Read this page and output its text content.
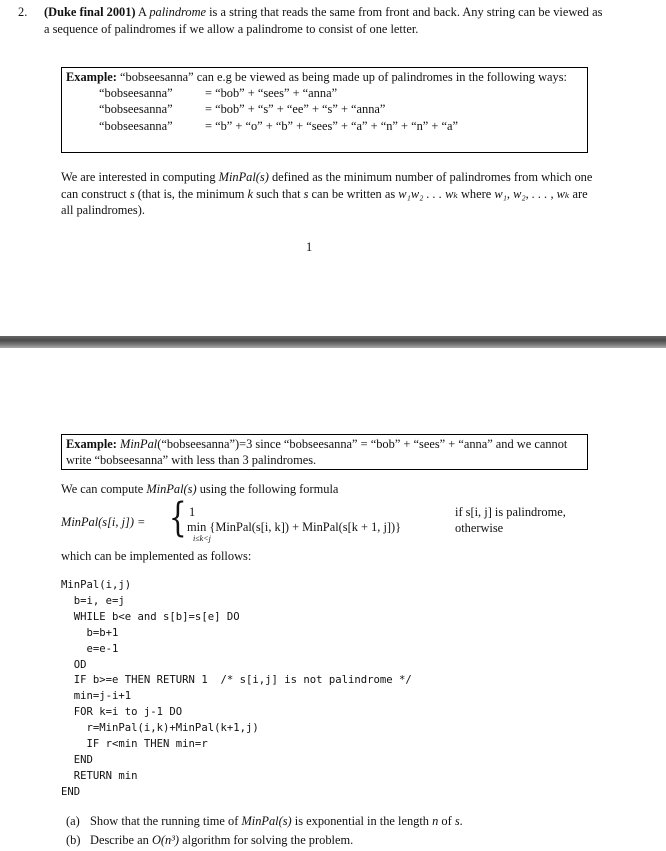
2. (Duke final 2001) A palindrome is a string that reads the same from front and back. Any string can be viewed as a sequence of palindromes if we allow a palindrome to consist of one letter.
Example: “bobseesanna” can e.g be viewed as being made up of palindromes in the following ways:
“bobseesanna”	= “bob” + “sees” + “anna”
“bobseesanna”	= “bob” + “s” + “ee” + “s” + “anna”
“bobseesanna”	= “b” + “o” + “b” + “sees” + “a” + “n” + “n” + “a”
We are interested in computing MinPal(s) defined as the minimum number of palindromes from which one can construct s (that is, the minimum k such that s can be written as w₁w₂ . . . wₖ where w₁, w₂, . . . , wₖ are all palindromes).
1
Example: MinPal(“bobseesanna”)=3 since “bobseesanna” = “bob” + “sees” + “anna” and we cannot write “bobseesanna” with less than 3 palindromes.
We can compute MinPal(s) using the following formula
MinPal(s[i, j]) = { 1
min {MinPal(s[i, k]) + MinPal(s[k + 1, j])}
i≤k<j
if s[i, j] is palindrome,
otherwise
which can be implemented as follows:
MinPal(i,j)
b=i, e=j
WHILE b<e and s[b]=s[e] DO
b=b+1
e=e-1
OD
IF b>=e THEN RETURN 1  /* s[i,j] is not palindrome */
min=j-i+1
FOR k=i to j-1 DO
r=MinPal(i,k)+MinPal(k+1,j)
IF r<min THEN min=r
END
RETURN min
END
(a) Show that the running time of MinPal(s) is exponential in the length n of s.
(b) Describe an O(n³) algorithm for solving the problem.
